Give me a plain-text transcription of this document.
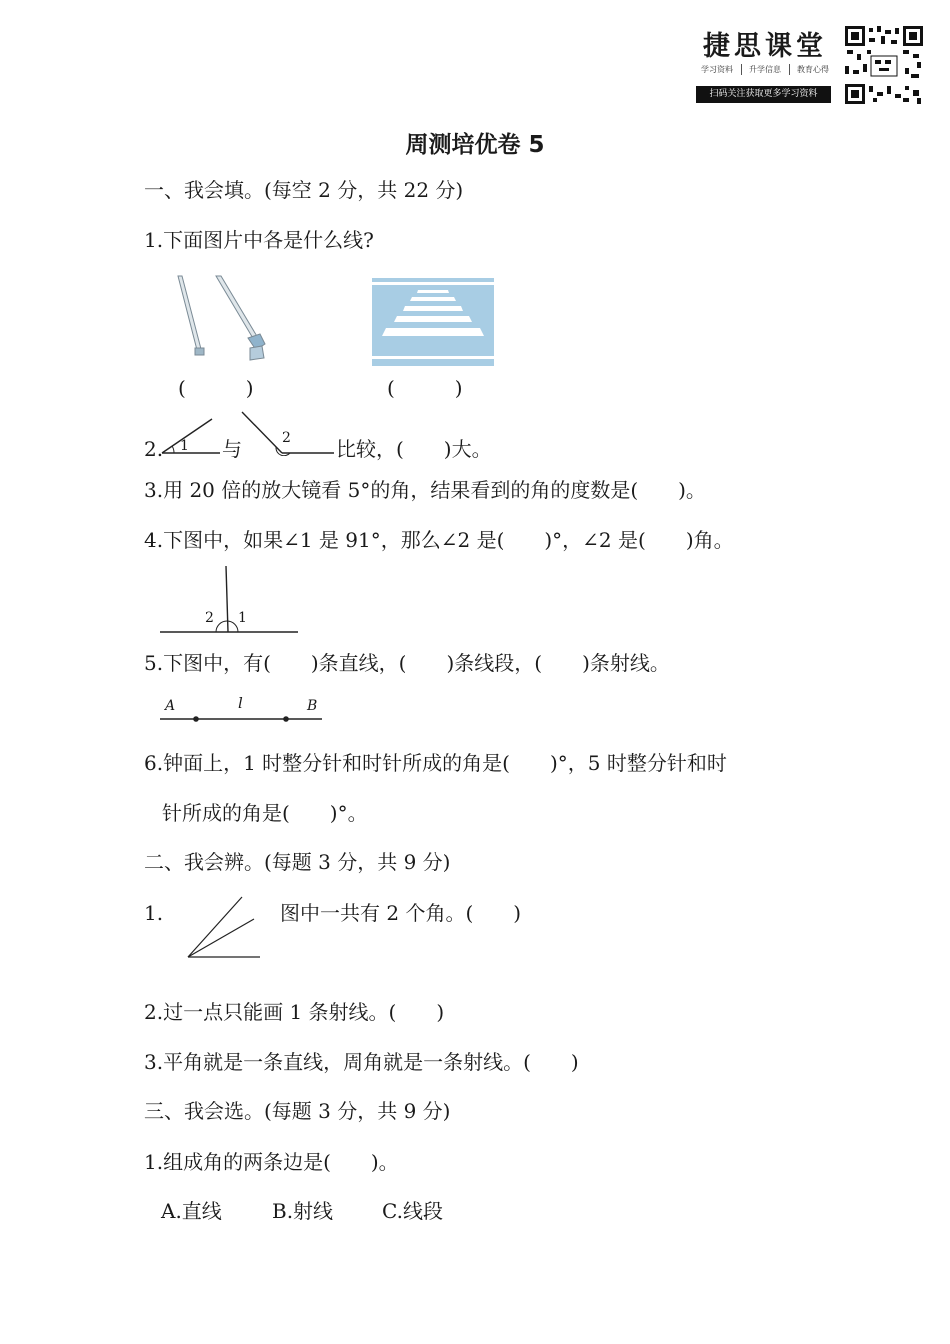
捷思课堂
学习资料	升学信息	教育心得
扫码关注获取更多学习资料
周测培优卷 5
一、我会填。(每空 2 分，共 22 分)
1.下面图片中各是什么线?
(　　　)	(　　　)
2. 1 与	2 比较，(　　)大。
3.用 20 倍的放大镜看 5°的角，结果看到的角的度数是(　　)。
4.下图中，如果∠1 是 91°，那么∠2 是(　　)°，∠2 是(　　)角。
2 1
5.下图中，有(　　)条直线，(　　)条线段，(　　)条射线。
A	l	B
6.钟面上，1 时整分针和时针所成的角是(　　)°，5 时整分针和时
针所成的角是(　　)°。
二、我会辨。(每题 3 分，共 9 分)
1.	图中一共有 2 个角。(　　)
2.过一点只能画 1 条射线。(　　)
3.平角就是一条直线，周角就是一条射线。(　　)
三、我会选。(每题 3 分，共 9 分)
1.组成角的两条边是(　　)。
A.直线	B.射线 C.线段
